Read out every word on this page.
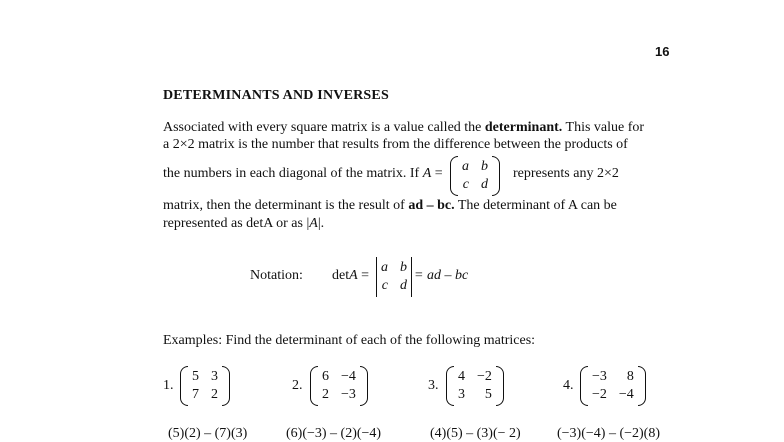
16
DETERMINANTS AND INVERSES
Associated with every square matrix is a value called the determinant. This value for
a 2×2 matrix is the number that results from the difference between the products of
the numbers in each diagonal of the matrix. If A = a b
c d
represents any 2×2
matrix, then the determinant is the result of ad – bc. The determinant of A can be
represented as detA or as |A|.
Notation: detA =
a b
c d
= ad – bc
Examples: Find the determinant of each of the following matrices:
1.
5 3
7 2
2.
6 −4
2 −3
3.
4 −2
3	5
4.
−3	8
−2 −4
(5)(2) – (7)(3)	(6)(−3) – (2)(−4)	(4)(5) – (3)(− 2)	(−3)(−4) – (−2)(8)
